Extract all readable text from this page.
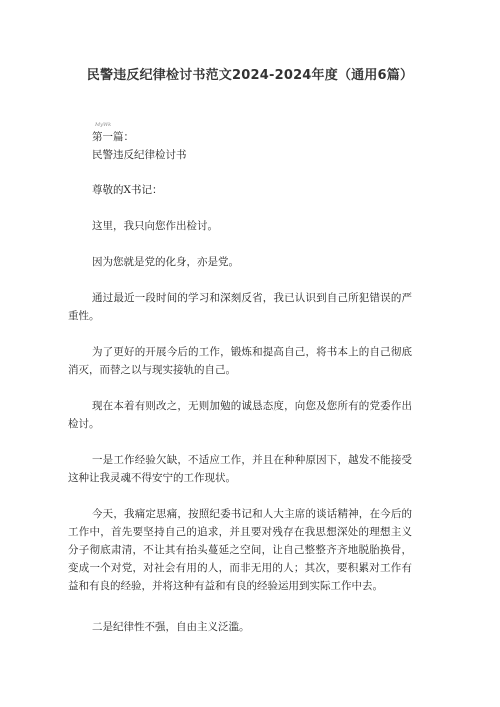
民警违反纪律检讨书范文2024-2024年度（通用6篇）
MyWk

第一篇：

民警违反纪律检讨书

尊敬的X书记：

这里，我只向您作出检讨。

因为您就是党的化身，亦是党。

通过最近一段时间的学习和深刻反省，我已认识到自己所犯错误的严重性。

为了更好的开展今后的工作，锻炼和提高自己，将书本上的自己彻底消灭，而替之以与现实接轨的自己。

现在本着有则改之，无则加勉的诚恳态度，向您及您所有的党委作出检讨。

一是工作经验欠缺，不适应工作，并且在种种原因下，越发不能接受这种让我灵魂不得安宁的工作现状。

今天，我痛定思痛，按照纪委书记和人大主席的谈话精神，在今后的工作中，首先要坚持自己的追求，并且要对残存在我思想深处的理想主义分子彻底肃清，不让其有抬头蔓延之空间，让自己整整齐齐地脱胎换骨，变成一个对党，对社会有用的人，而非无用的人；其次，要积累对工作有益和有良的经验，并将这种有益和有良的经验运用到实际工作中去。

二是纪律性不强，自由主义泛滥。
